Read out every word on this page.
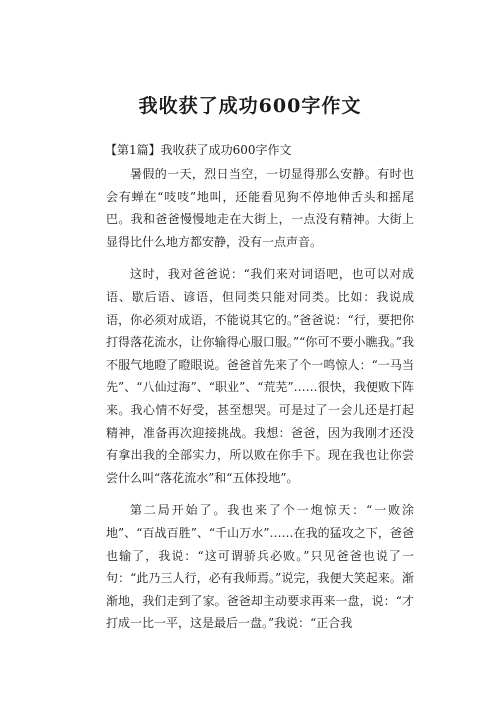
我收获了成功600字作文

【第1篇】我收获了成功600字作文

暑假的一天，烈日当空，一切显得那么安静。有时也会有蝉在“吱吱”地叫，还能看见狗不停地伸舌头和摇尾巴。我和爸爸慢慢地走在大街上，一点没有精神。大街上显得比什么地方都安静，没有一点声音。

这时，我对爸爸说：“我们来对词语吧，也可以对成语、歇后语、谚语，但同类只能对同类。比如：我说成语，你必须对成语，不能说其它的。”爸爸说：“行，要把你打得落花流水，让你输得心服口服。”“你可不要小瞧我。”我不服气地瞪了瞪眼说。爸爸首先来了个一鸣惊人：“一马当先”、“八仙过海”、“职业”、“荒芜”……很快，我便败下阵来。我心情不好受，甚至想哭。可是过了一会儿还是打起精神，准备再次迎接挑战。我想：爸爸，因为我刚才还没有拿出我的全部实力，所以败在你手下。现在我也让你尝尝什么叫“落花流水”和“五体投地”。

第二局开始了。我也来了个一炮惊天：“一败涂地”、“百战百胜”、“千山万水”……在我的猛攻之下，爸爸也输了，我说：“这可谓骄兵必败。”只见爸爸也说了一句：“此乃三人行，必有我师焉。”说完，我便大笑起来。渐渐地，我们走到了家。爸爸却主动要求再来一盘，说：“才打成一比一平，这是最后一盘。”我说：“正合我
